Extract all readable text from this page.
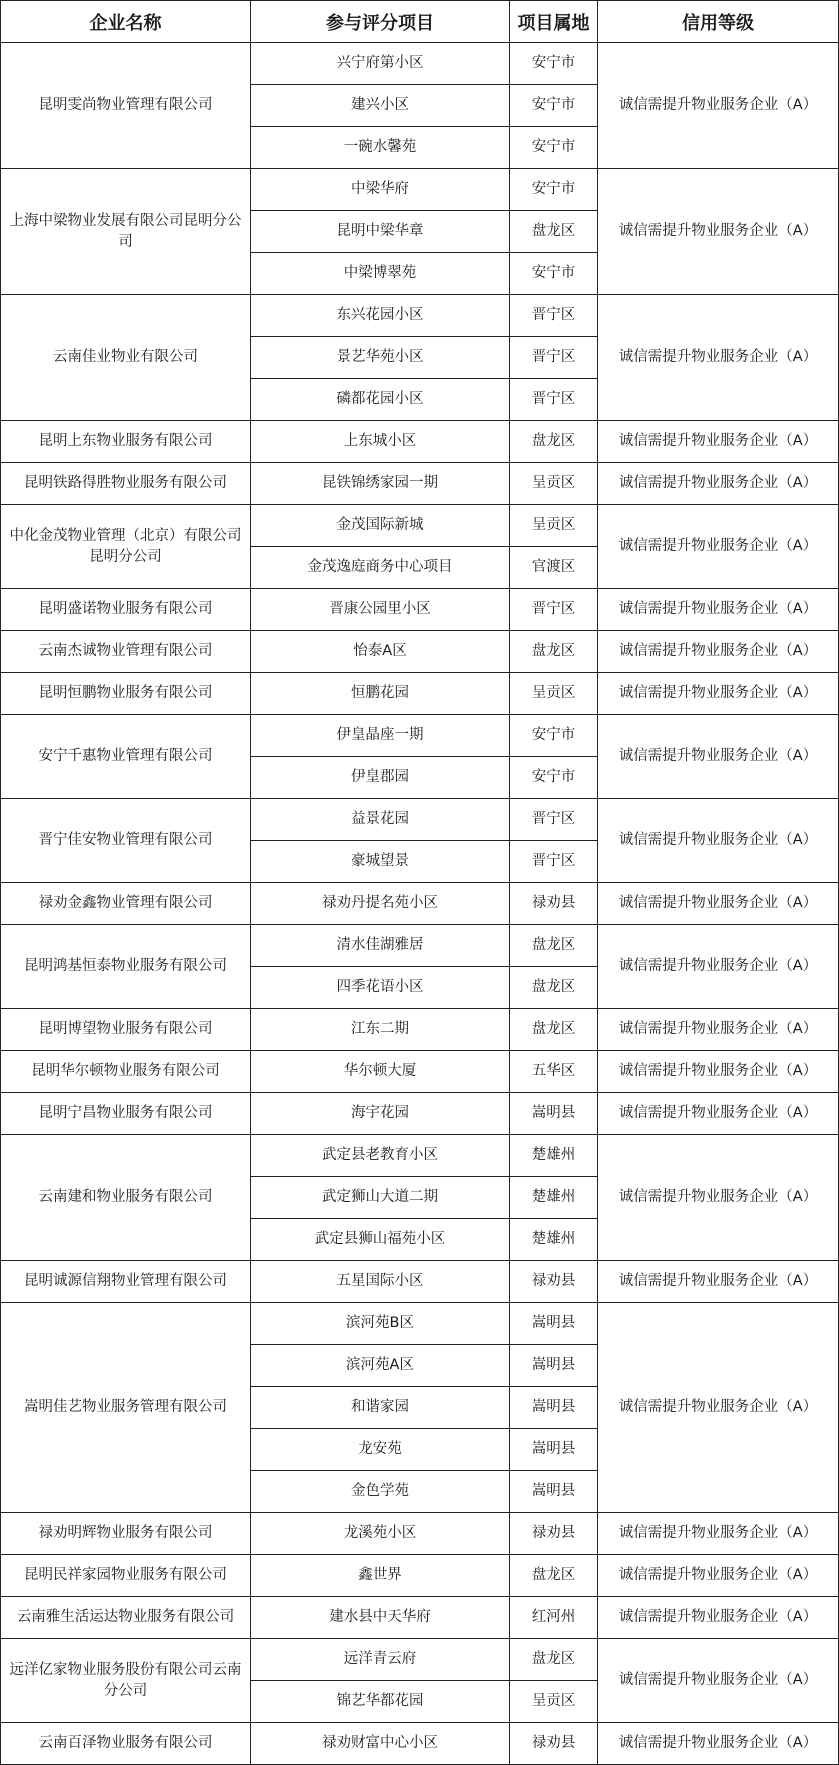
企业名称	参与评分项目	项目属地	信用等级
昆明雯尚物业管理有限公司	兴宁府第小区	安宁市	诚信需提升物业服务企业（A）
	建兴小区	安宁市	
	一碗水馨苑	安宁市	
上海中梁物业发展有限公司昆明分公司	中梁华府	安宁市	诚信需提升物业服务企业（A）
	昆明中梁华章	盘龙区	
	中梁博翠苑	安宁市	
云南佳业物业有限公司	东兴花园小区	晋宁区	诚信需提升物业服务企业（A）
	景艺华苑小区	晋宁区	
	磷都花园小区	晋宁区	
昆明上东物业服务有限公司	上东城小区	盘龙区	诚信需提升物业服务企业（A）
昆明铁路得胜物业服务有限公司	昆铁锦绣家园一期	呈贡区	诚信需提升物业服务企业（A）
中化金茂物业管理（北京）有限公司昆明分公司	金茂国际新城	呈贡区	诚信需提升物业服务企业（A）
	金茂逸庭商务中心项目	官渡区	
昆明盛诺物业服务有限公司	晋康公园里小区	晋宁区	诚信需提升物业服务企业（A）
云南杰诚物业管理有限公司	怡泰A区	盘龙区	诚信需提升物业服务企业（A）
昆明恒鹏物业服务有限公司	恒鹏花园	呈贡区	诚信需提升物业服务企业（A）
安宁千惠物业管理有限公司	伊皇晶座一期	安宁市	诚信需提升物业服务企业（A）
	伊皇郡园	安宁市	
晋宁佳安物业管理有限公司	益景花园	晋宁区	诚信需提升物业服务企业（A）
	豪城望景	晋宁区	
禄劝金鑫物业管理有限公司	禄劝丹提名苑小区	禄劝县	诚信需提升物业服务企业（A）
昆明鸿基恒泰物业服务有限公司	清水佳湖雅居	盘龙区	诚信需提升物业服务企业（A）
	四季花语小区	盘龙区	
昆明博望物业服务有限公司	江东二期	盘龙区	诚信需提升物业服务企业（A）
昆明华尔顿物业服务有限公司	华尔顿大厦	五华区	诚信需提升物业服务企业（A）
昆明宁昌物业服务有限公司	海宇花园	嵩明县	诚信需提升物业服务企业（A）
云南建和物业服务有限公司	武定县老教育小区	楚雄州	诚信需提升物业服务企业（A）
	武定狮山大道二期	楚雄州	
	武定县狮山福苑小区	楚雄州	
昆明诚源信翔物业管理有限公司	五星国际小区	禄劝县	诚信需提升物业服务企业（A）
嵩明佳艺物业服务管理有限公司	滨河苑B区	嵩明县	诚信需提升物业服务企业（A）
	滨河苑A区	嵩明县	
	和谐家园	嵩明县	
	龙安苑	嵩明县	
	金色学苑	嵩明县	
禄劝明辉物业服务有限公司	龙溪苑小区	禄劝县	诚信需提升物业服务企业（A）
昆明民祥家园物业服务有限公司	鑫世界	盘龙区	诚信需提升物业服务企业（A）
云南雅生活运达物业服务有限公司	建水县中天华府	红河州	诚信需提升物业服务企业（A）
远洋亿家物业服务股份有限公司云南分公司	远洋青云府	盘龙区	诚信需提升物业服务企业（A）
	锦艺华都花园	呈贡区	
云南百泽物业服务有限公司	禄劝财富中心小区	禄劝县	诚信需提升物业服务企业（A）
